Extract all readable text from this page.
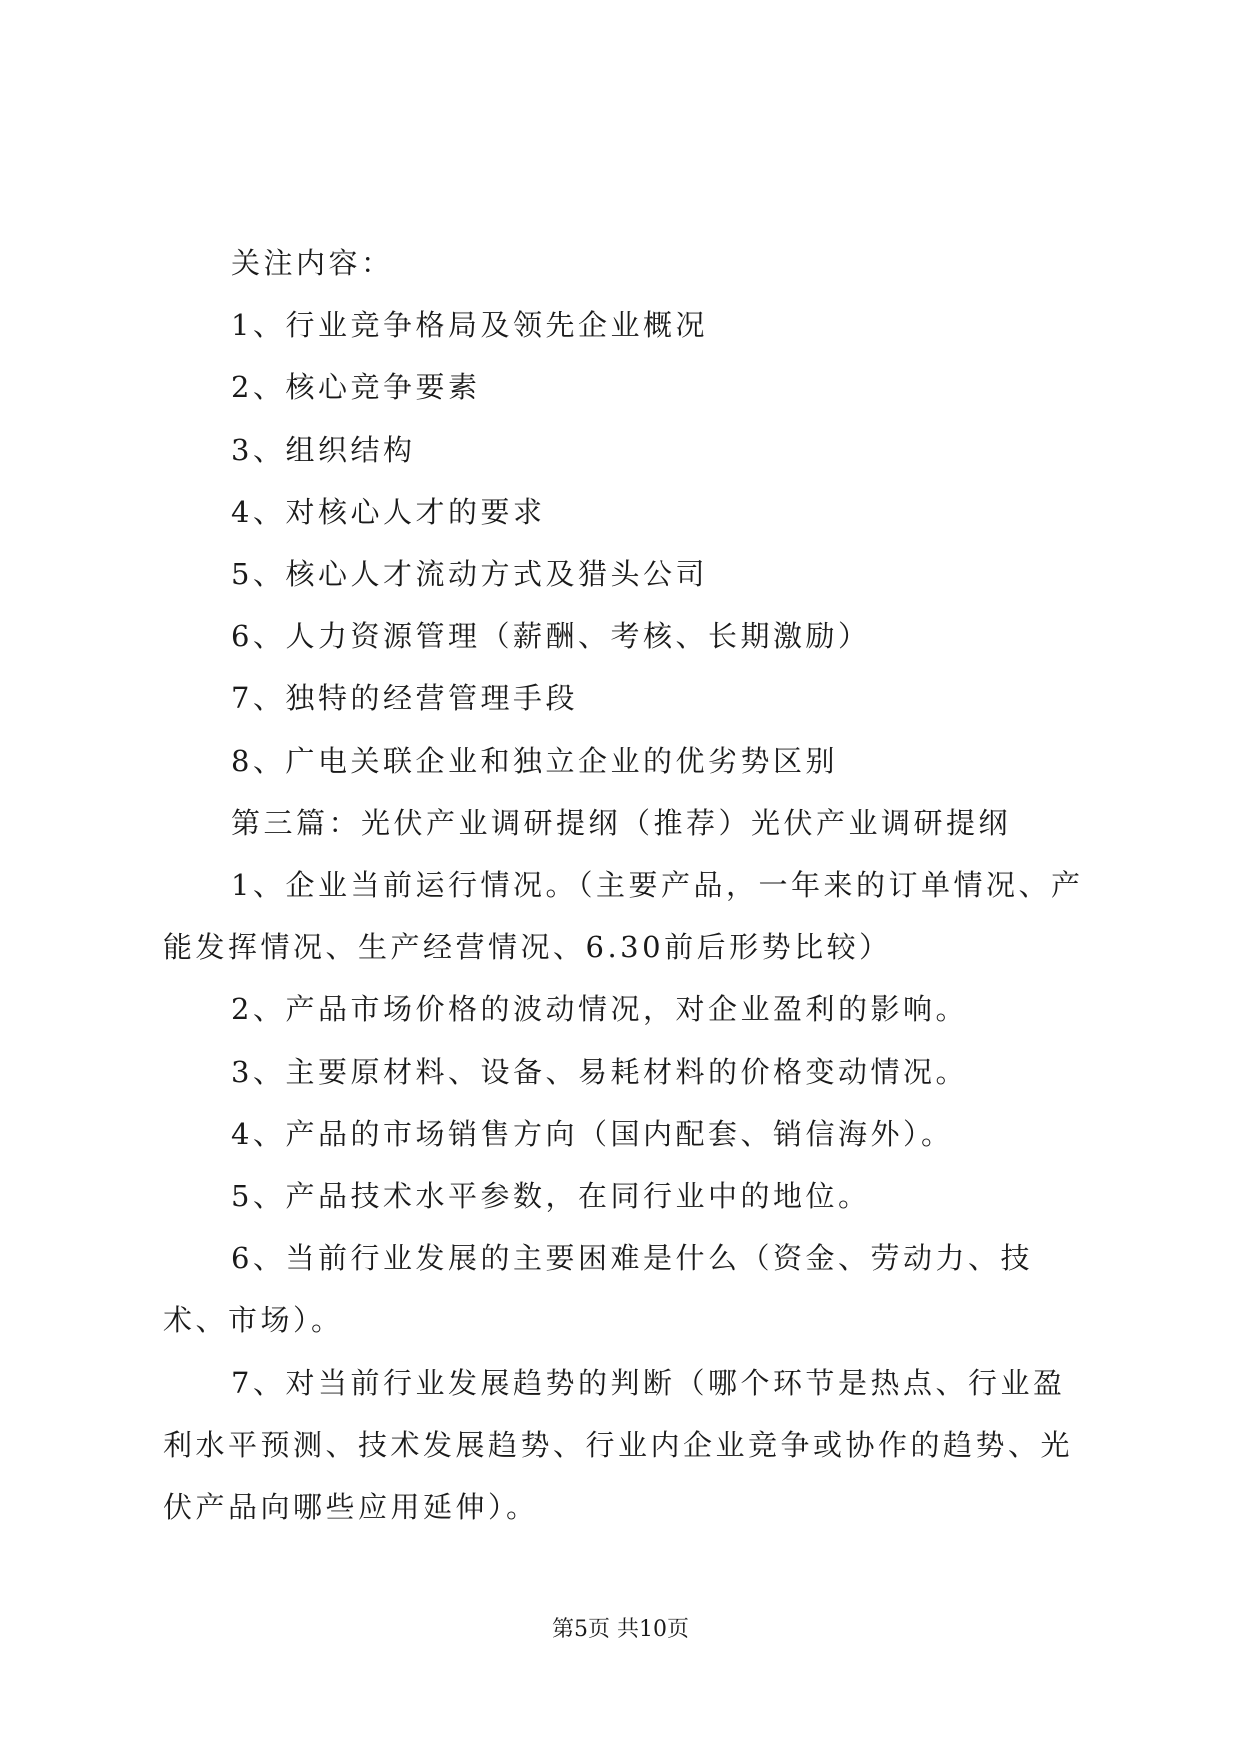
关注内容：

1、行业竞争格局及领先企业概况

2、核心竞争要素

3、组织结构

4、对核心人才的要求

5、核心人才流动方式及猎头公司

6、人力资源管理（薪酬、考核、长期激励）

7、独特的经营管理手段

8、广电关联企业和独立企业的优劣势区别

第三篇：光伏产业调研提纲（推荐）光伏产业调研提纲

1、企业当前运行情况。（主要产品，一年来的订单情况、产能发挥情况、生产经营情况、6.30前后形势比较）

2、产品市场价格的波动情况，对企业盈利的影响。

3、主要原材料、设备、易耗材料的价格变动情况。

4、产品的市场销售方向（国内配套、销信海外）。

5、产品技术水平参数，在同行业中的地位。

6、当前行业发展的主要困难是什么（资金、劳动力、技术、市场）。

7、对当前行业发展趋势的判断（哪个环节是热点、行业盈利水平预测、技术发展趋势、行业内企业竞争或协作的趋势、光伏产品向哪些应用延伸）。

第5页 共10页
